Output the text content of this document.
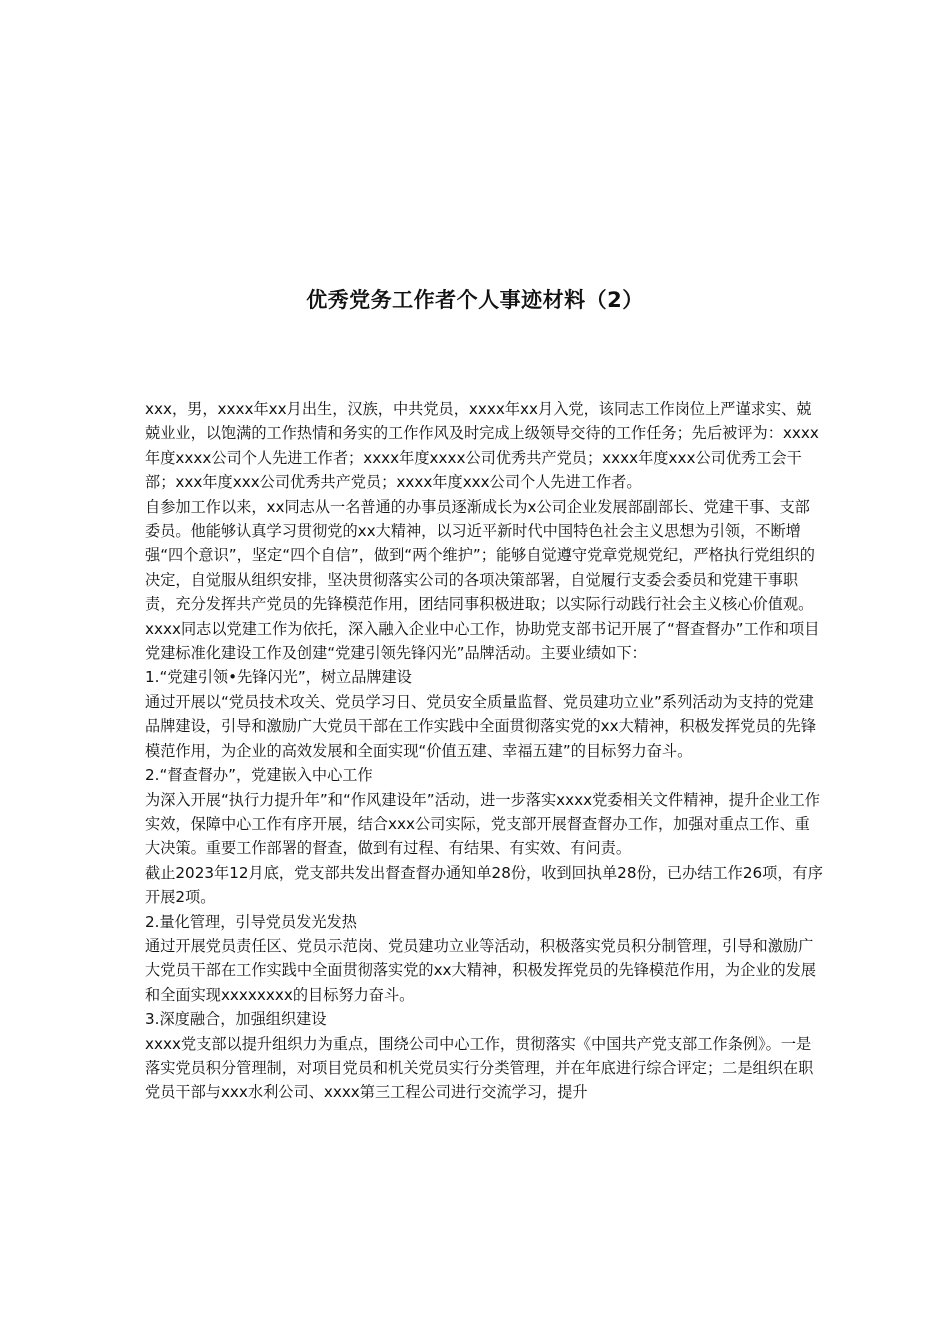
优秀党务工作者个人事迹材料（2）

xxx，男，xxxx年xx月出生，汉族，中共党员，xxxx年xx月入党，该同志工作岗位上严谨求实、兢兢业业，以饱满的工作热情和务实的工作作风及时完成上级领导交待的工作任务；先后被评为：xxxx年度xxxx公司个人先进工作者；xxxx年度xxxx公司优秀共产党员；xxxx年度xxx公司优秀工会干部；xxx年度xxx公司优秀共产党员；xxxx年度xxx公司个人先进工作者。

自参加工作以来，xx同志从一名普通的办事员逐渐成长为x公司企业发展部副部长、党建干事、支部委员。他能够认真学习贯彻党的xx大精神，以习近平新时代中国特色社会主义思想为引领，不断增强“四个意识”，坚定“四个自信”，做到“两个维护”；能够自觉遵守党章党规党纪，严格执行党组织的决定，自觉服从组织安排，坚决贯彻落实公司的各项决策部署，自觉履行支委会委员和党建干事职责，充分发挥共产党员的先锋模范作用，团结同事积极进取；以实际行动践行社会主义核心价值观。

xxxx同志以党建工作为依托，深入融入企业中心工作，协助党支部书记开展了“督查督办”工作和项目党建标准化建设工作及创建“党建引领先锋闪光”品牌活动。主要业绩如下：

1.“党建引领•先锋闪光”，树立品牌建设

通过开展以“党员技术攻关、党员学习日、党员安全质量监督、党员建功立业”系列活动为支持的党建品牌建设，引导和激励广大党员干部在工作实践中全面贯彻落实党的xx大精神，积极发挥党员的先锋模范作用，为企业的高效发展和全面实现“价值五建、幸福五建”的目标努力奋斗。

2.“督查督办”，党建嵌入中心工作

为深入开展“执行力提升年”和“作风建设年”活动，进一步落实xxxx党委相关文件精神，提升企业工作实效，保障中心工作有序开展，结合xxx公司实际，党支部开展督查督办工作，加强对重点工作、重大决策。重要工作部署的督查，做到有过程、有结果、有实效、有问责。

截止2023年12月底，党支部共发出督查督办通知单28份，收到回执单28份，已办结工作26项，有序开展2项。

2.量化管理，引导党员发光发热

通过开展党员责任区、党员示范岗、党员建功立业等活动，积极落实党员积分制管理，引导和激励广大党员干部在工作实践中全面贯彻落实党的xx大精神，积极发挥党员的先锋模范作用，为企业的发展和全面实现xxxxxxxx的目标努力奋斗。

3.深度融合，加强组织建设

xxxx党支部以提升组织力为重点，围绕公司中心工作，贯彻落实《中国共产党支部工作条例》。一是落实党员积分管理制，对项目党员和机关党员实行分类管理，并在年底进行综合评定；二是组织在职党员干部与xxx水利公司、xxxx第三工程公司进行交流学习，提升
